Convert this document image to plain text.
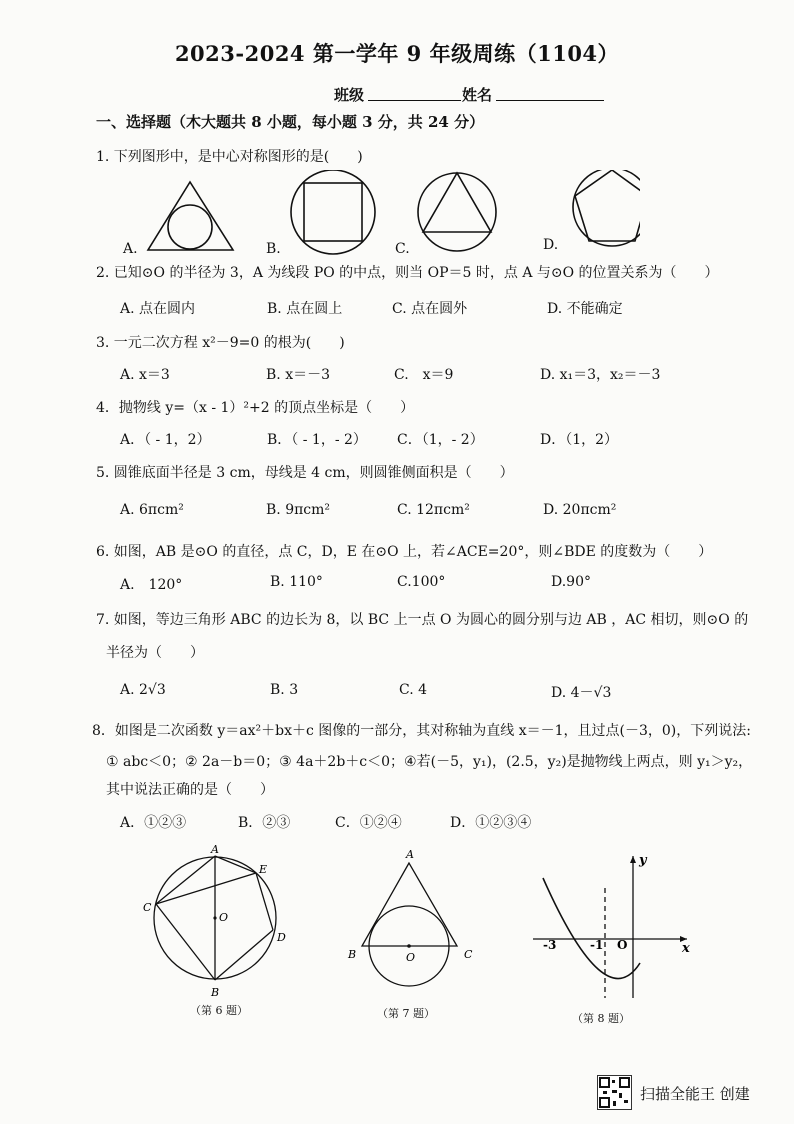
2023-2024 第一学年 9 年级周练（1104）
班级	姓名
一、选择题（木大题共 8 小题，每小题 3 分，共 24 分）
1. 下列图形中，是中心对称图形的是(　　)
A.	B.	C.	D.
2. 已知⊙O 的半径为 3，A 为线段 PO 的中点，则当 OP＝5 时，点 A 与⊙O 的位置关系为（　　）
A. 点在圆内	B. 点在圆上	C. 点在圆外	D. 不能确定
3. 一元二次方程 x²－9=0 的根为(　　)
A. x＝3	B. x＝－3	C.　x＝9	D. x₁＝3，x₂＝－3
4．抛物线 y=（x - 1）²+2 的顶点坐标是（　　）
A．（ - 1，2）	B．（ - 1，- 2） C．（1，- 2）	D．（1，2）
5. 圆锥底面半径是 3 cm，母线是 4 cm，则圆锥侧面积是（　　）
A. 6πcm²	B. 9πcm²	C. 12πcm²	D. 20πcm²
6. 如图，AB 是⊙O 的直径，点 C，D，E 在⊙O 上，若∠ACE=20°，则∠BDE 的度数为（　　）
A.　120°	B. 110°	C.100°	D.90°
7. 如图，等边三角形 ABC 的边长为 8，以 BC 上一点 O 为圆心的圆分别与边 AB ，AC 相切，则⊙O 的
半径为（　　）
A. 2√3	B. 3	C. 4	D. 4－√3
8．如图是二次函数 y＝ax²＋bx＋c 图像的一部分，其对称轴为直线 x＝－1，且过点(－3，0)，下列说法:
① abc＜0；② 2a－b＝0；③ 4a＋2b＋c＜0；④若(－5，y₁)，(2.5，y₂)是抛物线上两点，则 y₁＞y₂，
其中说法正确的是（　　）
A．①②③	B．②③	C．①②④	D．①②③④
A
B
C
D
E
O
（第 6 题）
A
B	C
O
（第 7 题）
y
x
-3	-1 O
（第 8 题）
扫描全能王 创建
